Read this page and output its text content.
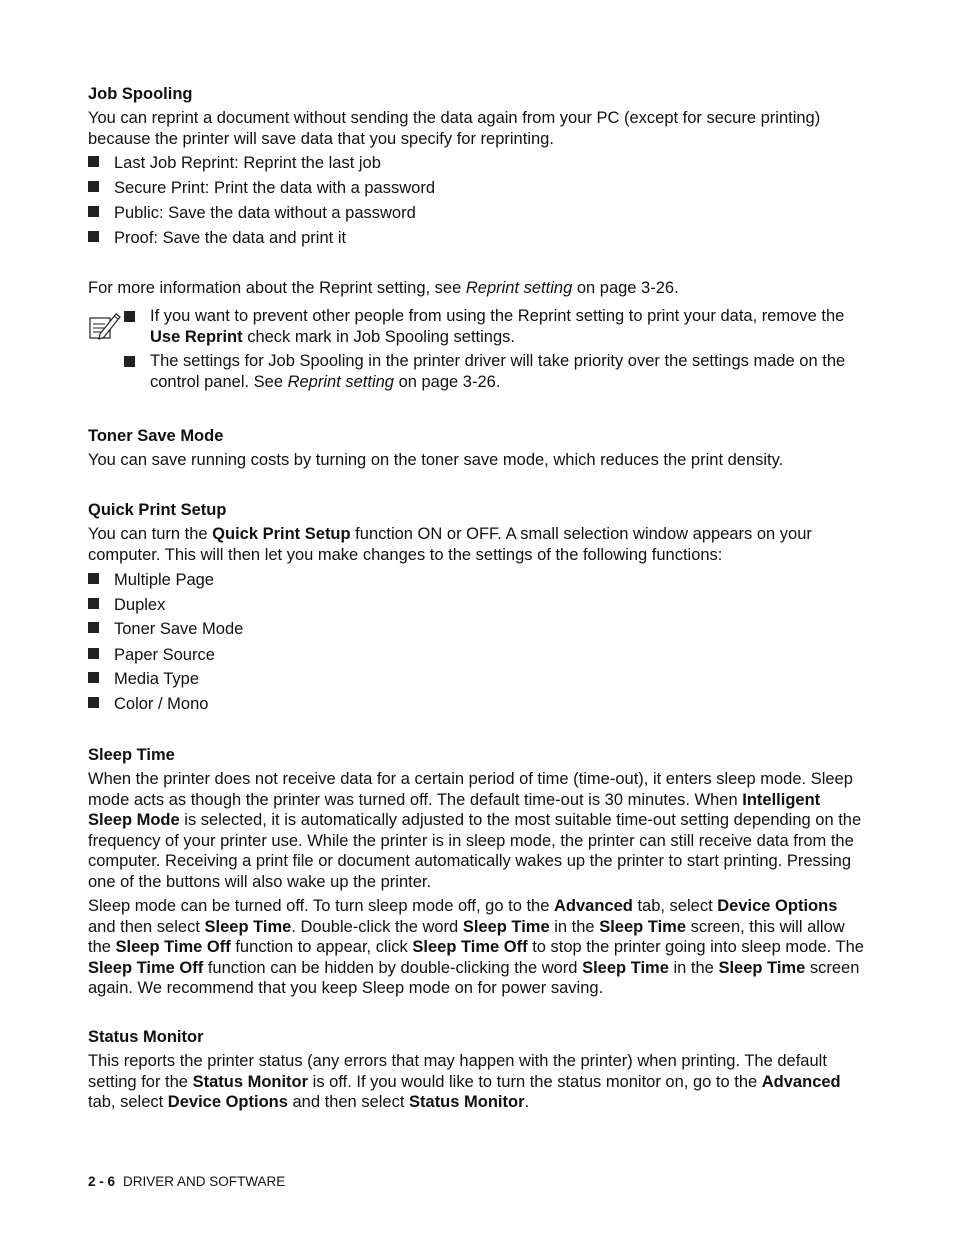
Job Spooling

You can reprint a document without sending the data again from your PC (except for secure printing) because the printer will save data that you specify for reprinting.

Last Job Reprint: Reprint the last job
Secure Print: Print the data with a password
Public: Save the data without a password
Proof: Save the data and print it

For more information about the Reprint setting, see Reprint setting on page 3-26.

If you want to prevent other people from using the Reprint setting to print your data, remove the Use Reprint check mark in Job Spooling settings.
The settings for Job Spooling in the printer driver will take priority over the settings made on the control panel. See Reprint setting on page 3-26.
Toner Save Mode

You can save running costs by turning on the toner save mode, which reduces the print density.

Quick Print Setup

You can turn the Quick Print Setup function ON or OFF. A small selection window appears on your computer. This will then let you make changes to the settings of the following functions:

Multiple Page
Duplex
Toner Save Mode
Paper Source
Media Type
Color / Mono
Sleep Time

When the printer does not receive data for a certain period of time (time-out), it enters sleep mode. Sleep mode acts as though the printer was turned off. The default time-out is 30 minutes. When Intelligent Sleep Mode is selected, it is automatically adjusted to the most suitable time-out setting depending on the frequency of your printer use. While the printer is in sleep mode, the printer can still receive data from the computer. Receiving a print file or document automatically wakes up the printer to start printing. Pressing one of the buttons will also wake up the printer.

Sleep mode can be turned off. To turn sleep mode off, go to the Advanced tab, select Device Options and then select Sleep Time. Double-click the word Sleep Time in the Sleep Time screen, this will allow the Sleep Time Off function to appear, click Sleep Time Off to stop the printer going into sleep mode. The Sleep Time Off function can be hidden by double-clicking the word Sleep Time in the Sleep Time screen again. We recommend that you keep Sleep mode on for power saving.

Status Monitor

This reports the printer status (any errors that may happen with the printer) when printing. The default setting for the Status Monitor is off. If you would like to turn the status monitor on, go to the Advanced tab, select Device Options and then select Status Monitor.

2 - 6 DRIVER AND SOFTWARE
